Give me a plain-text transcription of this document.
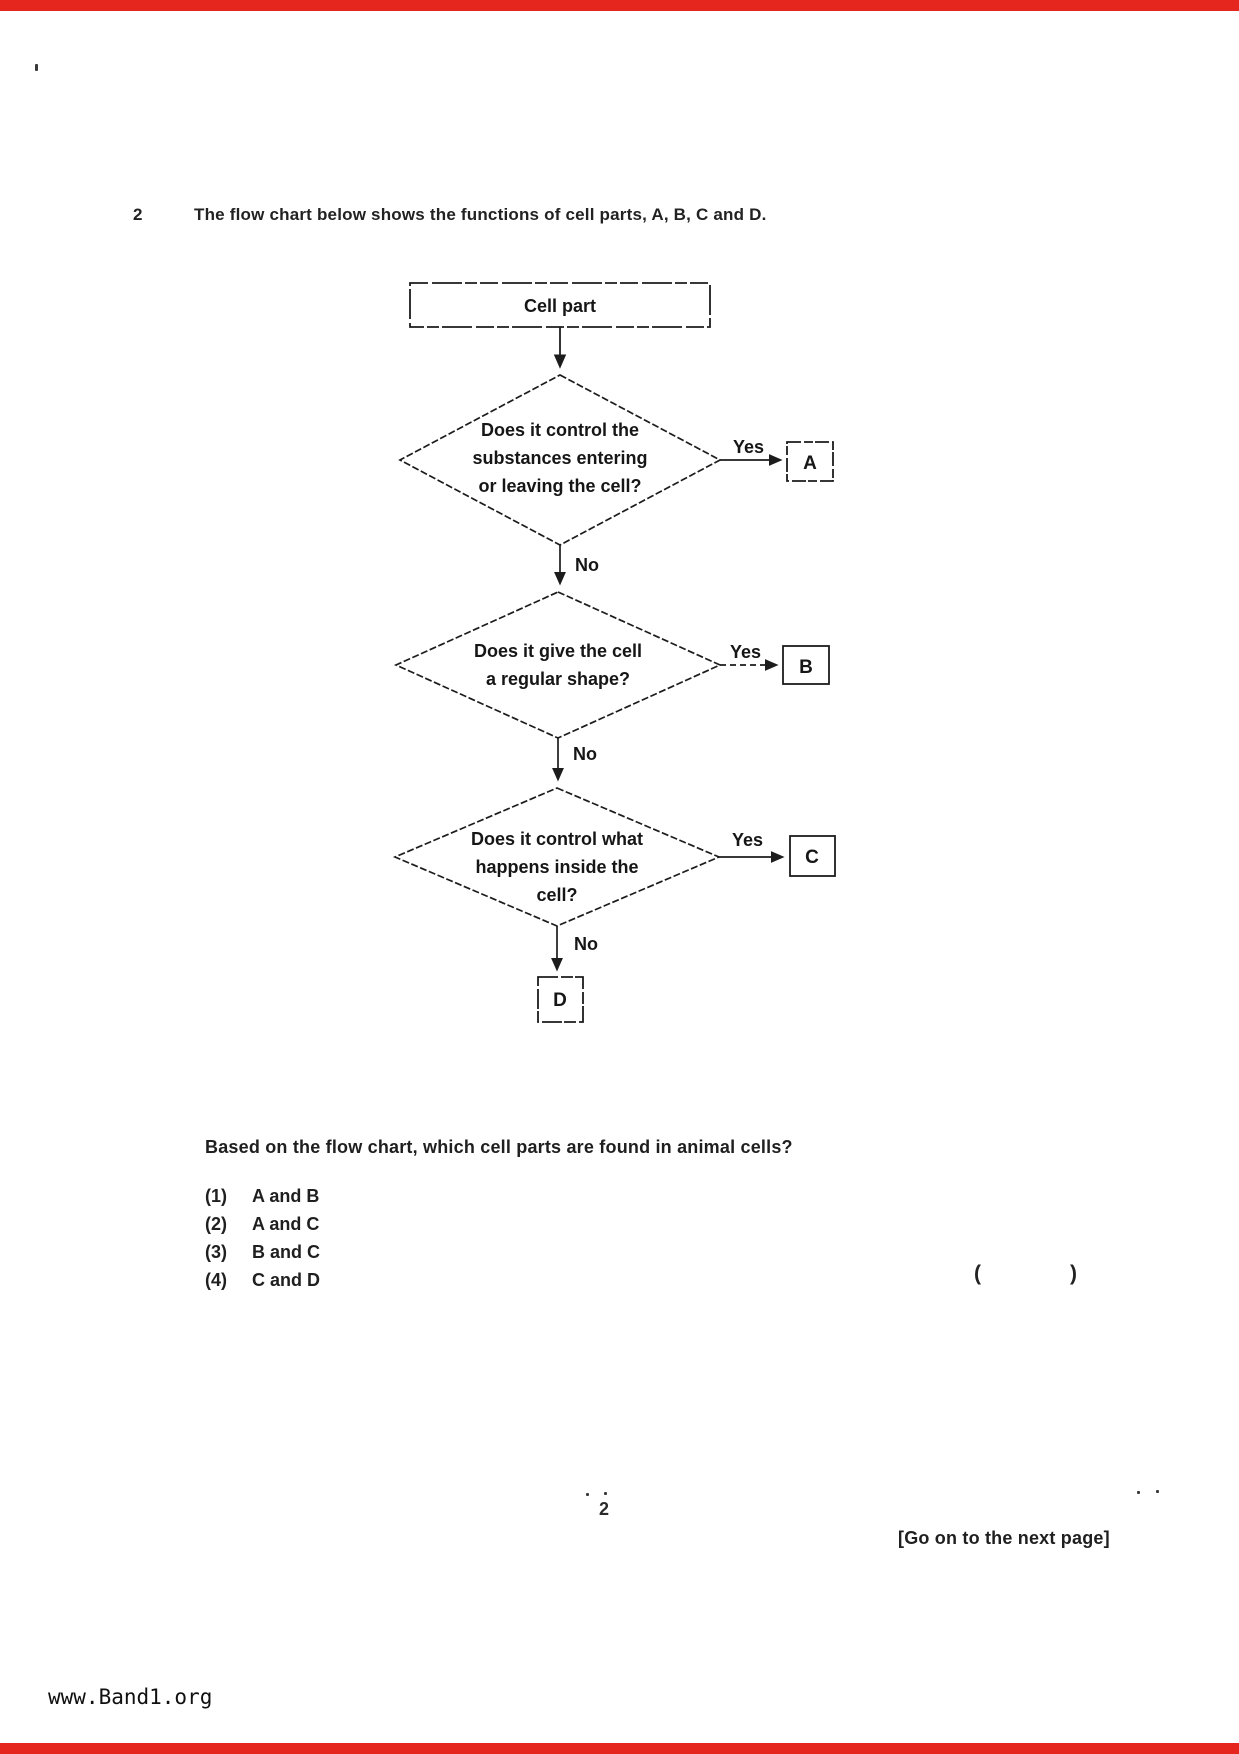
2	The flow chart below shows the functions of cell parts, A, B, C and D.
Cell part
Does it control the
substances entering
or leaving the cell?
Yes
A
No
Does it give the cell
a regular shape?
Yes
B
No
Does it control what
happens inside the
cell?
Yes
C
No
D
Based on the flow chart, which cell parts are found in animal cells?
(1)	A and B
(2)	A and C
(3)	B and C
(4)	C and D	(	)
2
[Go on to the next page]
www.Band1.org
